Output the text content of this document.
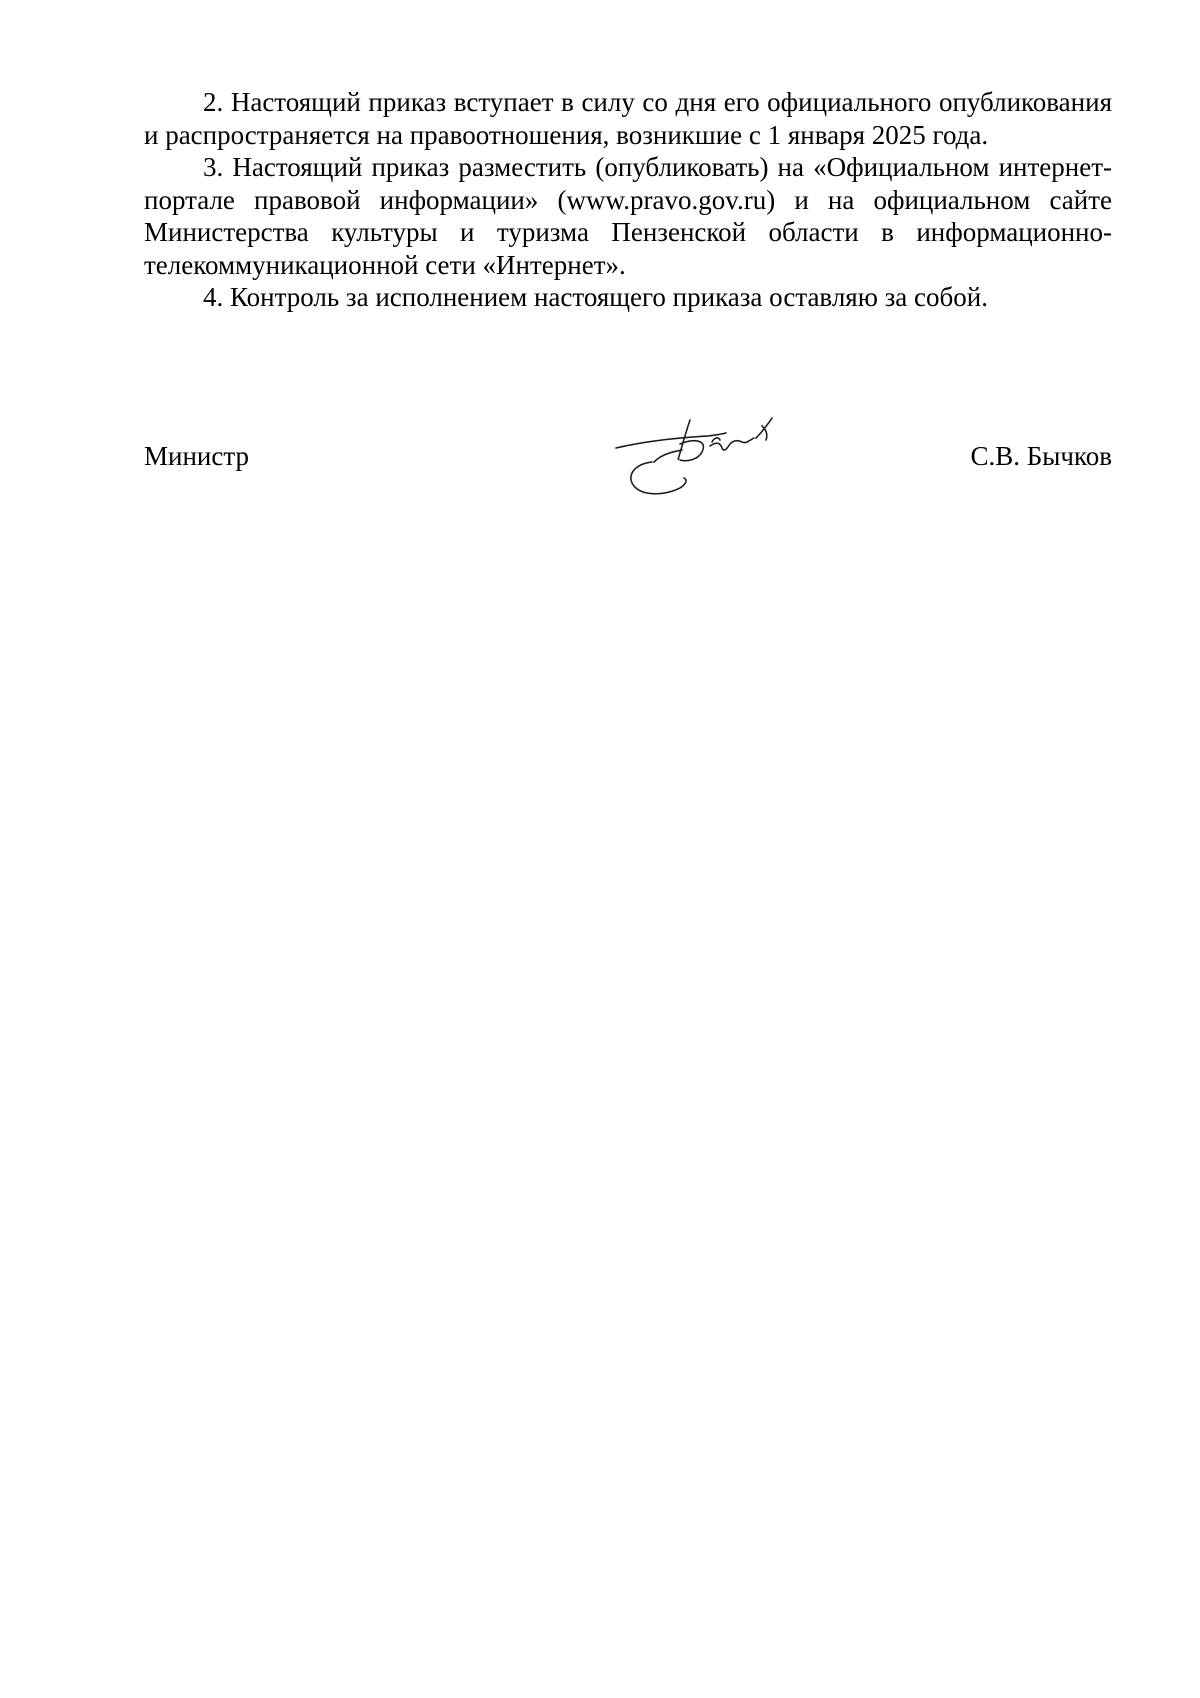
2. Настоящий приказ вступает в силу со дня его официального опубликования и распространяется на правоотношения, возникшие с 1 января 2025 года.

3. Настоящий приказ разместить (опубликовать) на «Официальном интернет-портале правовой информации» (www.pravo.gov.ru) и на официальном сайте Министерства культуры и туризма Пензенской области в информационно-телекоммуникационной сети «Интернет».

4. Контроль за исполнением настоящего приказа оставляю за собой.

Министр	С.В. Бычков
